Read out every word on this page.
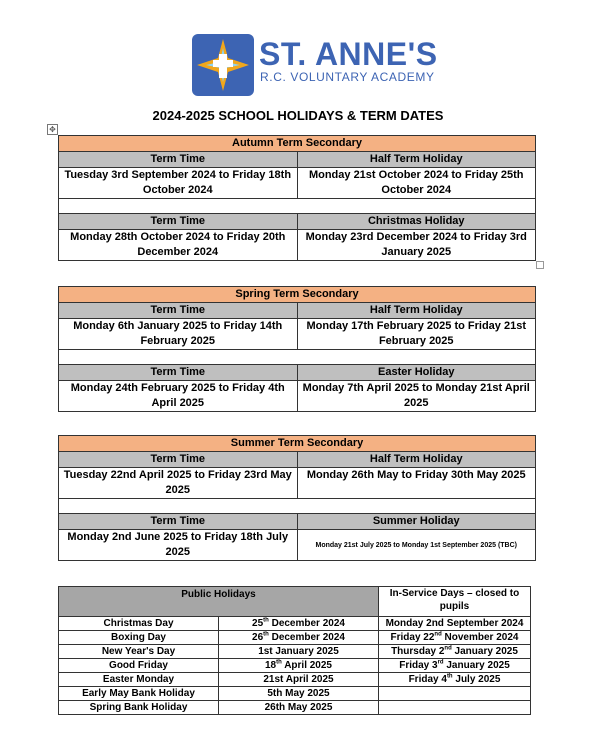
ST. ANNE'S
R.C. VOLUNTARY ACADEMY
2024-2025 SCHOOL HOLIDAYS & TERM DATES
✥
Autumn Term Secondary	
Term Time	Half Term Holiday
Tuesday 3rd September 2024 to Friday 18th October 2024	Monday 21st October 2024 to Friday 25th October 2024

Term Time	Christmas Holiday
Monday 28th October 2024 to Friday 20th December 2024	Monday 23rd December 2024 to Friday 3rd January 2025
Spring Term Secondary	
Term Time	Half Term Holiday
Monday 6th January 2025 to Friday 14th February 2025	Monday 17th February 2025 to Friday 21st February 2025

Term Time	Easter Holiday
Monday 24th February 2025 to Friday 4th April 2025	Monday 7th April 2025 to Monday 21st April 2025
Summer Term Secondary	
Term Time	Half Term Holiday
Tuesday 22nd April 2025 to Friday 23rd May 2025	Monday 26th May to Friday 30th May 2025

Term Time	Summer Holiday
Monday 2nd June 2025 to Friday 18th July 2025	Monday 21st July 2025 to Monday 1st September 2025 (TBC)
Public Holidays		In-Service Days – closed to pupils
Christmas Day	25th December 2024	Monday 2nd September 2024
Boxing Day	26th December 2024	Friday 22nd November 2024
New Year's Day	1st January 2025	Thursday 2nd January 2025
Good Friday	18th April 2025	Friday 3rd January 2025
Easter Monday	21st April 2025	Friday 4th July 2025
Early May Bank Holiday	5th May 2025	
Spring Bank Holiday	26th May 2025	
